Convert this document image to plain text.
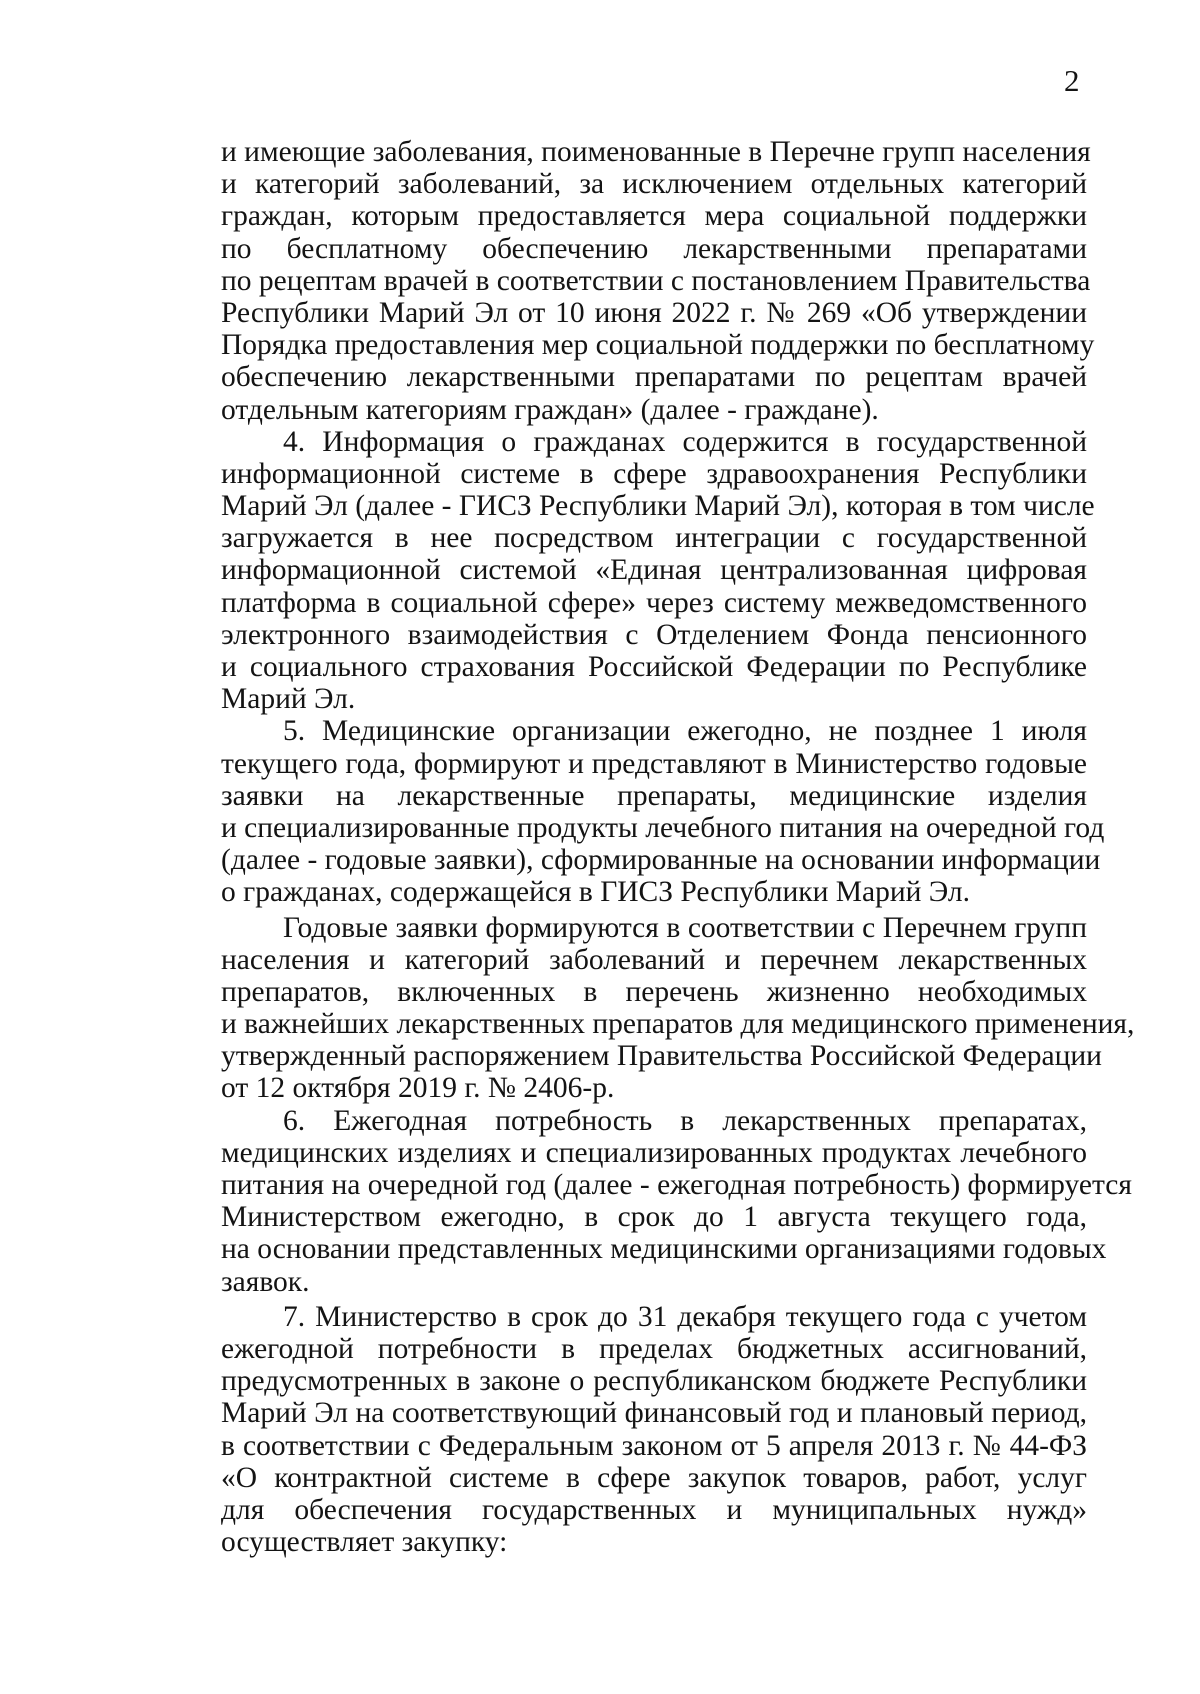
2
и имеющие заболевания, поименованные в Перечне групп населения
и категорий заболеваний, за исключением отдельных категорий
граждан, которым предоставляется мера социальной поддержки
по бесплатному обеспечению лекарственными препаратами
по рецептам врачей в соответствии с постановлением Правительства
Республики Марий Эл от 10 июня 2022 г. № 269 «Об утверждении
Порядка предоставления мер социальной поддержки по бесплатному
обеспечению лекарственными препаратами по рецептам врачей
отдельным категориям граждан» (далее - граждане).
4. Информация о гражданах содержится в государственной
информационной системе в сфере здравоохранения Республики
Марий Эл (далее - ГИСЗ Республики Марий Эл), которая в том числе
загружается в нее посредством интеграции с государственной
информационной системой «Единая централизованная цифровая
платформа в социальной сфере» через систему межведомственного
электронного взаимодействия с Отделением Фонда пенсионного
и социального страхования Российской Федерации по Республике
Марий Эл.
5. Медицинские организации ежегодно, не позднее 1 июля
текущего года, формируют и представляют в Министерство годовые
заявки на лекарственные препараты, медицинские изделия
и специализированные продукты лечебного питания на очередной год
(далее - годовые заявки), сформированные на основании информации
о гражданах, содержащейся в ГИСЗ Республики Марий Эл.
Годовые заявки формируются в соответствии с Перечнем групп
населения и категорий заболеваний и перечнем лекарственных
препаратов, включенных в перечень жизненно необходимых
и важнейших лекарственных препаратов для медицинского применения,
утвержденный распоряжением Правительства Российской Федерации
от 12 октября 2019 г. № 2406-р.
6. Ежегодная потребность в лекарственных препаратах,
медицинских изделиях и специализированных продуктах лечебного
питания на очередной год (далее - ежегодная потребность) формируется
Министерством ежегодно, в срок до 1 августа текущего года,
на основании представленных медицинскими организациями годовых
заявок.
7. Министерство в срок до 31 декабря текущего года с учетом
ежегодной потребности в пределах бюджетных ассигнований,
предусмотренных в законе о республиканском бюджете Республики
Марий Эл на соответствующий финансовый год и плановый период,
в соответствии с Федеральным законом от 5 апреля 2013 г. № 44-ФЗ
«О контрактной системе в сфере закупок товаров, работ, услуг
для обеспечения государственных и муниципальных нужд»
осуществляет закупку:
